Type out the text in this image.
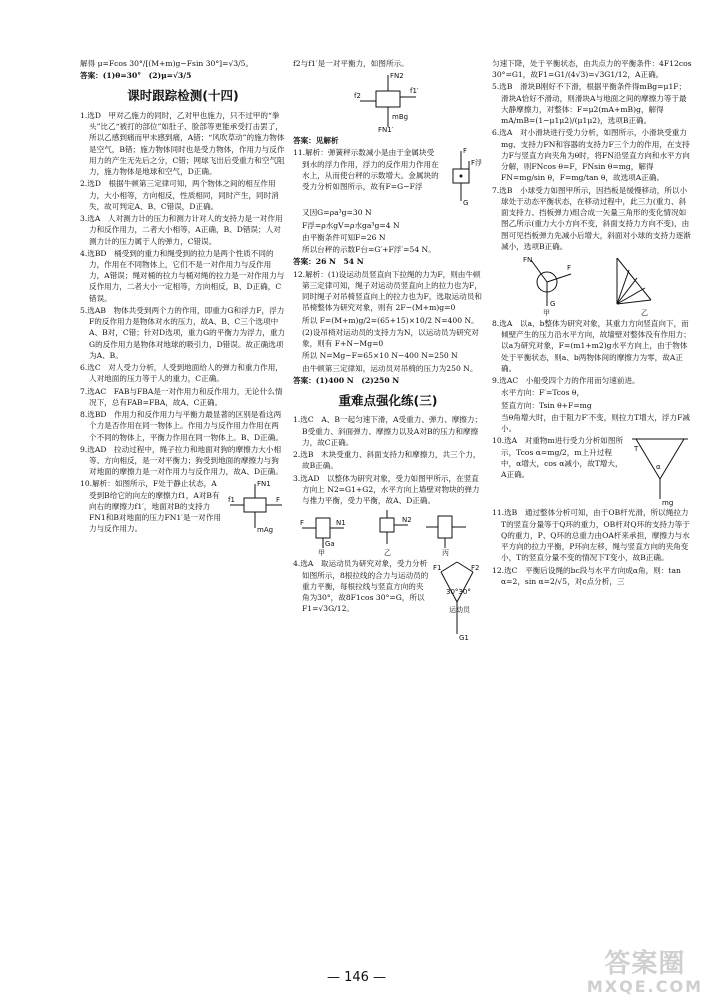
解得 μ=Fcos 30°/[(M+m)g−Fsin 30°]=√3/5。

答案：(1)θ=30°　(2)μ=√3/5

课时跟踪检测(十四)

1.选D　甲对乙施力的同时，乙对甲也施力，只不过甲的“拳头”比乙“被打的部位”如肚子、脸部等更能承受打击罢了，所以乙感到痛而甲未感到痛，A错；“风吹草动”的施力物体是空气，B错；施力物体同时也是受力物体，作用力与反作用力的产生无先后之分，C错；网球飞出后受重力和空气阻力，施力物体是地球和空气，D正确。

2.选D　根据牛顿第三定律可知，两个物体之间的相互作用力，大小相等，方向相反，性质相同，同时产生，同时消失，故可判定A、B、C错误，D正确。

3.选A　人对测力计的压力和测力计对人的支持力是一对作用力和反作用力，二者大小相等，A正确，B、D错误；人对测力计的压力属于人的弹力，C错误。

4.选BD　桶受到的重力和绳受到的拉力是两个性质不同的力，作用在不同物体上，它们不是一对作用力与反作用力，A错误；绳对桶的拉力与桶对绳的拉力是一对作用力与反作用力，二者大小一定相等，方向相反，B、D正确，C错误。

5.选AB　物体共受到两个力的作用，即重力G和浮力F，浮力F的反作用力是物体对水的压力，故A、B、C三个选项中A、B对，C错；针对D选项，重力G的平衡力为浮力，重力G的反作用力是物体对地球的吸引力，D错误。故正确选项为A、B。

6.选C　对人受力分析，人受到地面给人的弹力和重力作用，人对地面的压力等于人的重力，C正确。

7.选AC　FAB与FBA是一对作用力和反作用力，无论什么情况下，总有FAB=FBA，故A、C正确。

8.选BD　作用力和反作用力与平衡力最显著的区别是看这两个力是否作用在同一物体上。作用力与反作用力作用在两个不同的物体上，平衡力作用在同一物体上。B、D正确。

9.选AD　拉动过程中，绳子拉力和地面对狗的摩擦力大小相等、方向相反，是一对平衡力；狗受到地面的摩擦力与狗对地面的摩擦力是一对作用力与反作用力，故A、D正确。

10.解析：如图所示，F处于静止状态，A受到B给它的向左的摩擦力f1，A对B有向右的摩擦力f1′，地面对B的支持力FN1和B对地面的压力FN1′是一对作用力与反作用力。

FN1
F
f1
mAg

f2与f1′是一对平衡力，如图所示。

FN2
f1′
f2
mBg
FN1′

答案：见解析

11.解析：弹簧秤示数减小是由于金属块受到水的浮力作用，浮力的反作用力作用在水上，从而使台秤的示数增大。金属块的受力分析如图所示，故有F=G−F浮

F
F浮
G

又因G=ρa³g=30 N

F浮=ρ水gV=ρ水ga³g=4 N

由平衡条件可知F=26 N

所以台秤的示数F台=G′+F浮′=54 N。

答案：26 N　54 N

12.解析：(1)设运动员竖直向下拉绳的力为F，则由牛顿第三定律可知，绳子对运动员竖直向上的拉力也为F，同时绳子对吊椅竖直向上的拉力也为F，选取运动员和吊椅整体为研究对象，则有 2F−(M+m)g=0

所以 F=(M+m)g/2=(65+15)×10/2 N=400 N。

(2)设吊椅对运动员的支持力为N，以运动员为研究对象，则有 F+N−Mg=0

所以 N=Mg−F=65×10 N−400 N=250 N

由牛顿第三定律知，运动员对吊椅的压力为250 N。

答案：(1)400 N　(2)250 N

重难点强化练(三)

1.选C　A、B一起匀速下滑，A受重力、弹力、摩擦力；B受重力、斜面弹力、摩擦力以及A对B的压力和摩擦力，故C正确。

2.选B　木块受重力、斜面支持力和摩擦力，共三个力，故B正确。

3.选AD　以整体为研究对象，受力如图甲所示，在竖直方向上 N2=G1+G2，水平方向上墙壁对物块的弹力与推力平衡，受力平衡，故A、D正确。

F	N1
Ga
甲
N2
乙	丙

4.选A　取运动员为研究对象，受力分析如图所示，8根拉线的合力与运动员的重力平衡，每根拉线与竖直方向的夹角为30°，故8F1cos 30°=G，所以F1=√3G/12。

F1	F2
30°30°
运动员
G1

匀速下降，处于平衡状态，由共点力的平衡条件：4F12cos 30°=G1，故F1=G1/(4√3)=√3G1/12，A正确。

5.选B　滑块B刚好不下滑，根据平衡条件得mBg=μ1F；滑块A恰好不滑动，则滑块A与地面之间的摩擦力等于最大静摩擦力，对整体：F=μ2(mA+mB)g，解得mA/mB=(1−μ1μ2)/(μ1μ2)，选项B正确。

6.选A　对小滑块进行受力分析，如图所示，小滑块受重力mg、支持力FN和容器的支持力F三个力的作用，在支持力F与竖直方向夹角为θ时，将FN沿竖直方向和水平方向分解，则FNcos θ=F，FNsin θ=mg，解得 FN=mg/sin θ，F=mg/tan θ，故选项A正确。

7.选B　小球受力如图甲所示，因挡板是缓慢移动，所以小球处于动态平衡状态，在移动过程中，此三力(重力、斜面支持力、挡板弹力)组合成一矢量三角形的变化情况如图乙所示(重力大小方向不变，斜面支持力方向不变)，由图可见挡板弹力先减小后增大，斜面对小球的支持力逐渐减小，选项B正确。

FN
F
G
甲	乙

8.选A　以a、b整体为研究对象，其重力方向竖直向下，而倾壁产生的压力沿水平方向，故墙壁对整体没有作用力；以a为研究对象，F=(m1+m2)g水平方向上，由于物体处于平衡状态，则a、b两物体间的摩擦力为零，故A正确。

9.选AC　小船受四个力的作用而匀速前进。

水平方向：F′=Tcos θ，

竖直方向：Tsin θ+F=mg

当θ角增大时，由于阻力F′不变，则拉力T增大，浮力F减小。

10.选A　对重物m进行受力分析如图所示，Tcos α=mg/2，m上升过程中，α增大，cos α减小，故T增大，A正确。

T
α
mg

11.选B　通过整体分析可知，由于OB杆光滑，所以绳拉力T的竖直分量等于Q环的重力，OB杆对Q环的支持力等于Q的重力，P、Q环的总重力由OA杆来承担，摩擦力与水平方向的拉力平衡，P环向左移，绳与竖直方向的夹角变小，T的竖直分量不变的情况下T变小，故B正确。

12.选C　平衡后设绳的bc段与水平方向成α角，则：tan α=2，sin α=2/√5，对c点分析，三

— 146 —	答案圈
MXQE.COM
